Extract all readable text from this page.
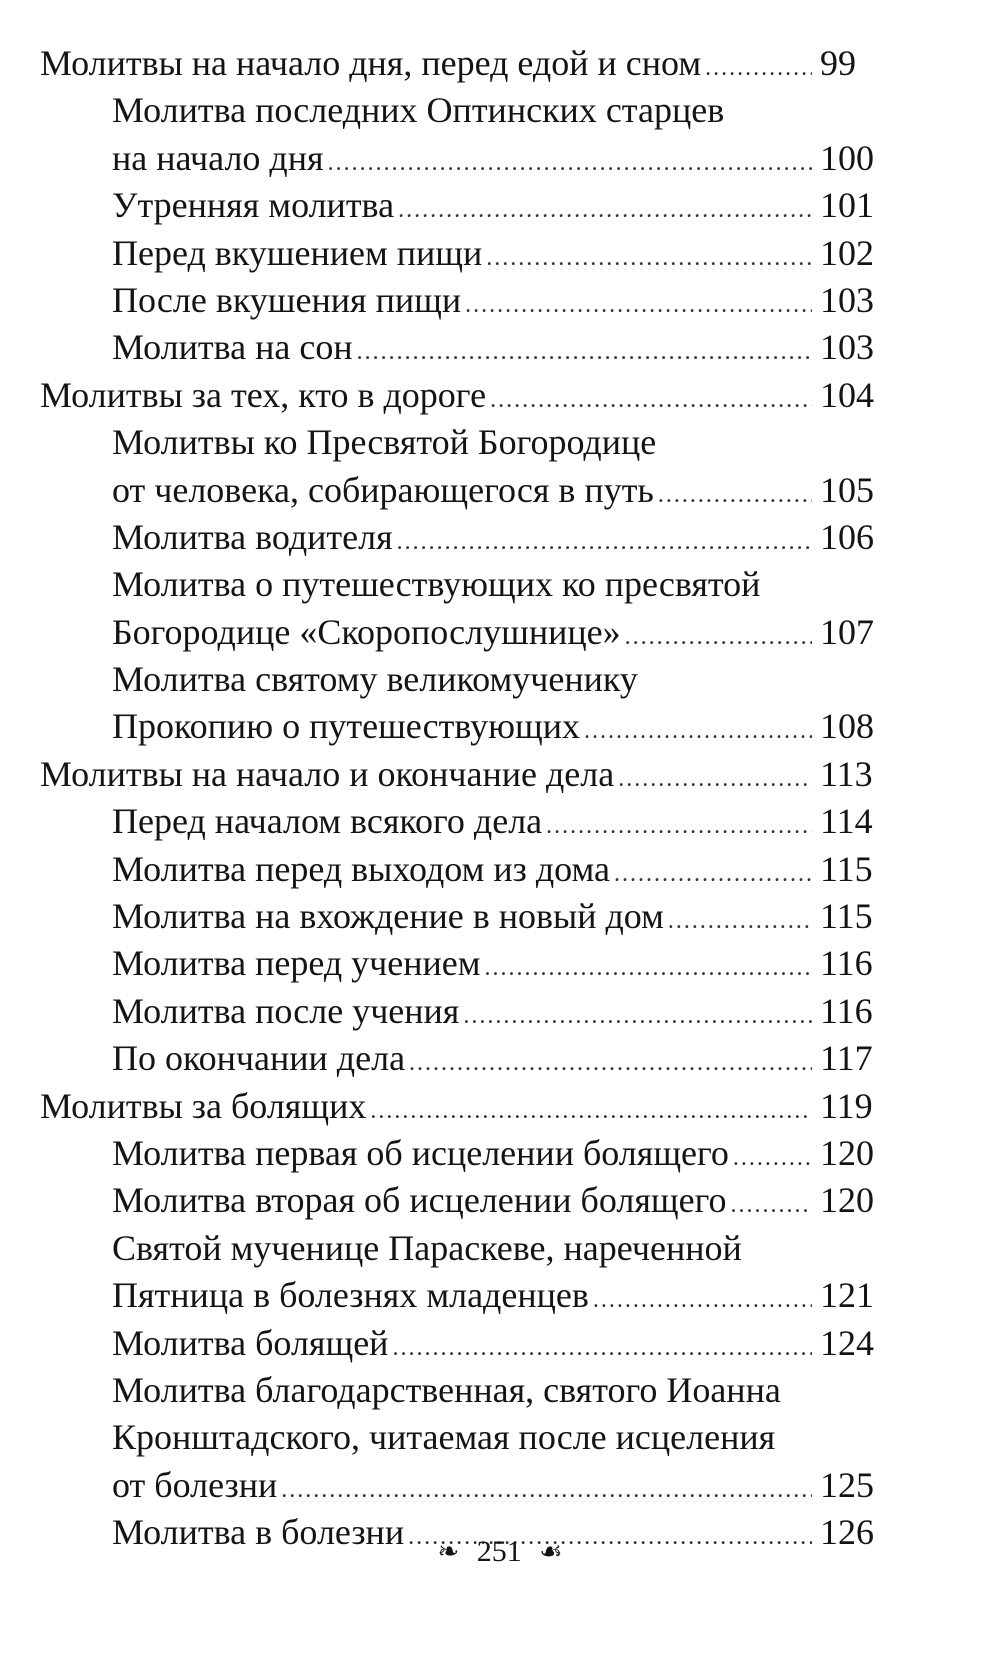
Молитвы на начало дня, перед едой и сном .....	99
Молитва последних Оптинских старцев
на начало дня .....	100
Утренняя молитва .....	101
Перед вкушением пищи .....	102
После вкушения пищи .....	103
Молитва на сон .....	103
Молитвы за тех, кто в дороге .....	104
Молитвы ко Пресвятой Богородице
от человека, собирающегося в путь .....	105
Молитва водителя .....	106
Молитва о путешествующих ко пресвятой
Богородице «Скоропослушнице» .....	107
Молитва святому великомученику
Прокопию о путешествующих .....	108
Молитвы на начало и окончание дела .....	113
Перед началом всякого дела .....	114
Молитва перед выходом из дома .....	115
Молитва на вхождение в новый дом .....	115
Молитва перед учением .....	116
Молитва после учения .....	116
По окончании дела .....	117
Молитвы за болящих .....	119
Молитва первая об исцелении болящего .....	120
Молитва вторая об исцелении болящего .....	120
Святой мученице Параскеве, нареченной
Пятница в болезнях младенцев .....	121
Молитва болящей .....	124
Молитва благодарственная, святого Иоанна
Кронштадского, читаемая после исцеления
от болезни .....	125
Молитва в болезни .....	126
❧ 251 ☙
